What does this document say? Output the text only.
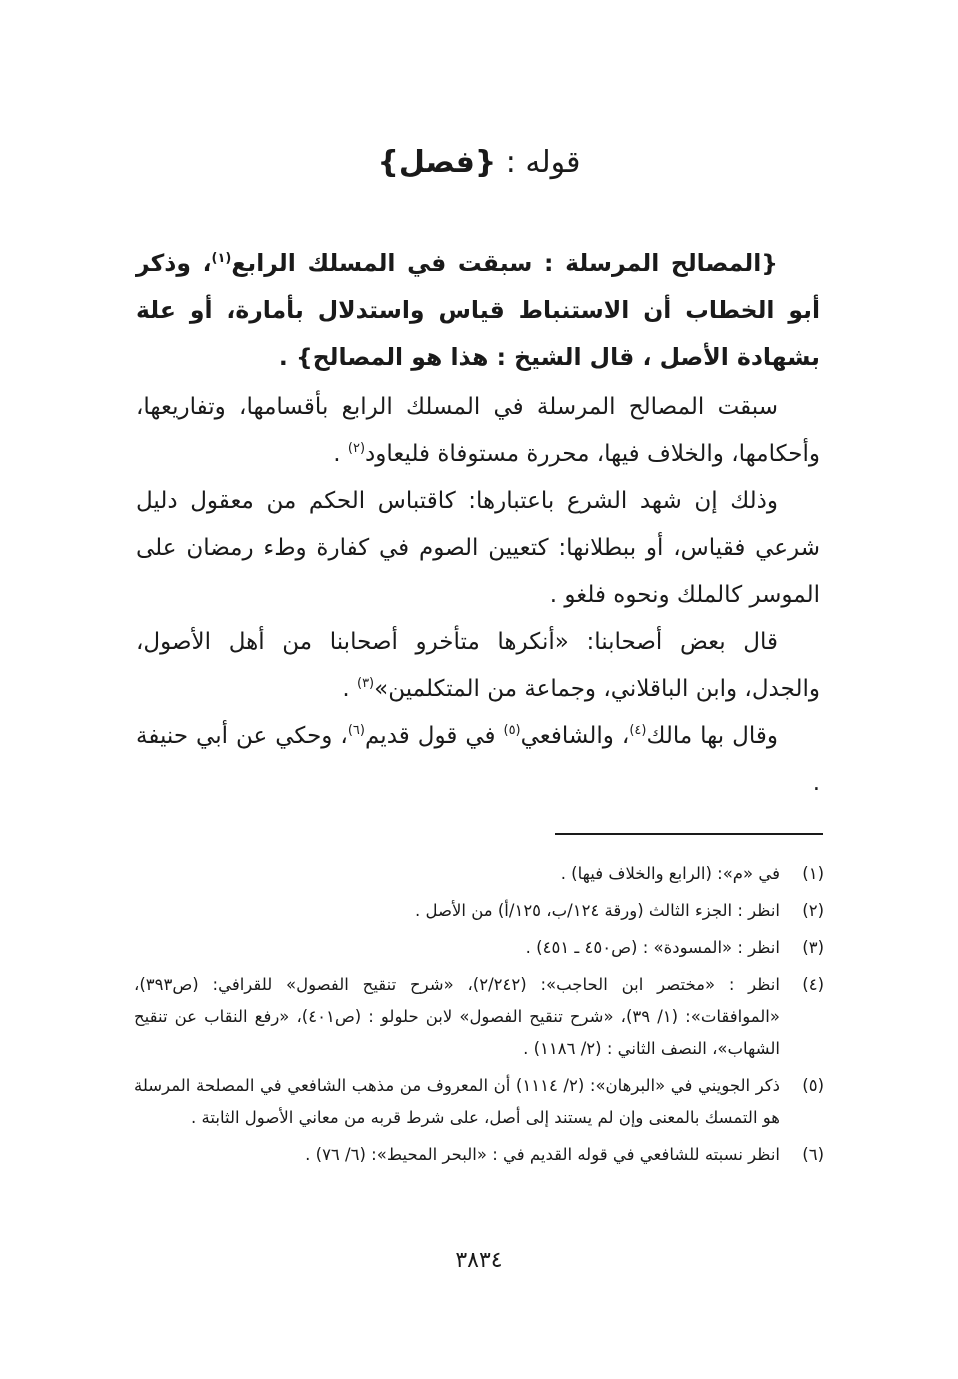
قوله : {فصل}

{المصالح المرسلة : سبقت في المسلك الرابع$^{(١)}$، وذكر أبو الخطاب أن الاستنباط قياس واستدلال بأمارة، أو علة بشهادة الأصل ، قال الشيخ : هذا هو المصالح} .

سبقت المصالح المرسلة في المسلك الرابع بأقسامها، وتفاريعها، وأحكامها، والخلاف فيها، محررة مستوفاة فليعاود$^{(٢)}$ .

وذلك إن شهد الشرع باعتبارها: كاقتباس الحكم من معقول دليل شرعي فقياس، أو ببطلانها: كتعيين الصوم في كفارة وطء رمضان على الموسر كالملك ونحوه فلغو .

قال بعض أصحابنا: «أنكرها متأخرو أصحابنا من أهل الأصول، والجدل، وابن الباقلاني، وجماعة من المتكلمين»$^{(٣)}$ .

وقال بها مالك$^{(٤)}$، والشافعي$^{(٥)}$ في قول قديم$^{(٦)}$، وحكي عن أبي حنيفة .

(١)
في «م»: (الرابع والخلاف فيها) .
(٢)
انظر : الجزء الثالث (ورقة ١٢٤/ب، ١٢٥/أ) من الأصل .
(٣)
انظر : «المسودة» : (ص٤٥٠ ـ ٤٥١) .
(٤)
انظر : «مختصر ابن الحاجب»: (٢/٢٤٢)، «شرح تنقيح الفصول» للقرافي: (ص٣٩٣)، «الموافقات»: (١/ ٣٩)، «شرح تنقيح الفصول» لابن حلولو : (ص٤٠١)، «رفع النقاب عن تنقيح الشهاب»، النصف الثاني : (٢/ ١١٨٦) .
(٥)
ذكر الجويني في «البرهان»: (٢/ ١١١٤) أن المعروف من مذهب الشافعي في المصلحة المرسلة هو التمسك بالمعنى وإن لم يستند إلى أصل، على شرط قربه من معاني الأصول الثابتة .
(٦)
انظر نسبته للشافعي في قوله القديم في : «البحر المحيط»: (٦/ ٧٦) .
٣٨٣٤
